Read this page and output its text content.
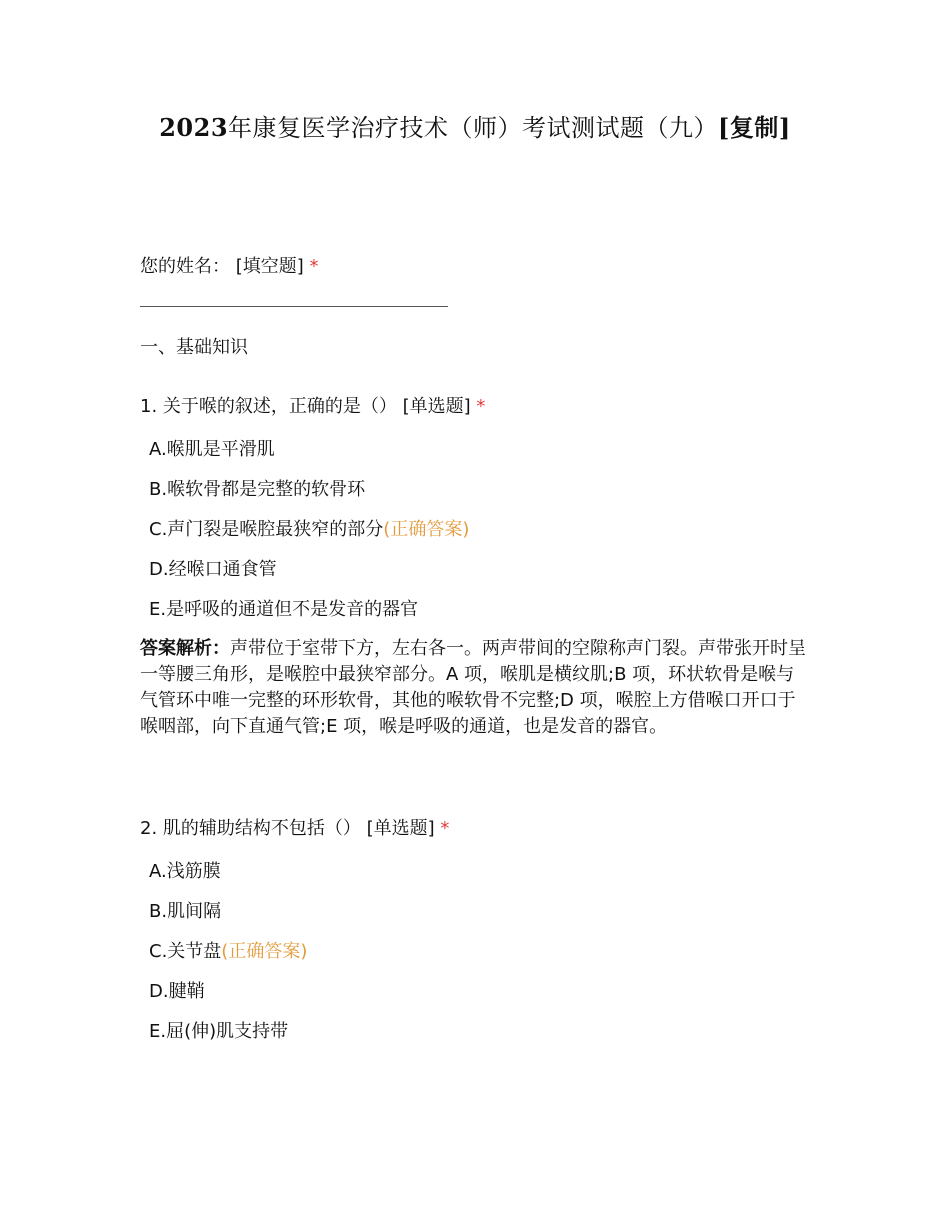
2023年康复医学治疗技术（师）考试测试题（九）[复制]
您的姓名： [填空题] *
一、基础知识
1. 关于喉的叙述，正确的是（） [单选题] *
A.喉肌是平滑肌
B.喉软骨都是完整的软骨环
C.声门裂是喉腔最狭窄的部分(正确答案)
D.经喉口通食管
E.是呼吸的通道但不是发音的器官
答案解析：声带位于室带下方，左右各一。两声带间的空隙称声门裂。声带张开时呈一等腰三角形，是喉腔中最狭窄部分。A 项，喉肌是横纹肌;B 项，环状软骨是喉与气管环中唯一完整的环形软骨，其他的喉软骨不完整;D 项，喉腔上方借喉口开口于喉咽部，向下直通气管;E 项，喉是呼吸的通道，也是发音的器官。
2. 肌的辅助结构不包括（） [单选题] *
A.浅筋膜
B.肌间隔
C.关节盘(正确答案)
D.腱鞘
E.屈(伸)肌支持带
